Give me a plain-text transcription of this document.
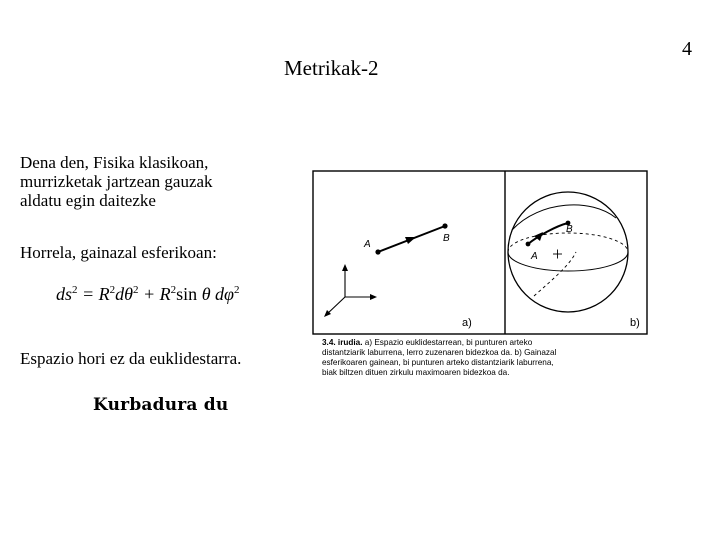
4
Metrikak-2
Dena den, Fisika klasikoan,
murrizketak jartzean gauzak
aldatu egin daitezke
Horrela, gainazal esferikoan:
$ds^2 = R^2d\theta^2 + R^2\sin$ θ $d\varphi^2$
Espazio hori ez da euklidestarra.
Kurbadura du
A
B
a)
A
B
b)
3.4. irudia. a) Espazio euklidestarrean, bi punturen arteko
distantziarik laburrena, lerro zuzenaren bidezkoa da. b) Gainazal
esferikoaren gainean, bi punturen arteko distantziarik laburrena,
biak biltzen dituen zirkulu maximoaren bidezkoa da.
